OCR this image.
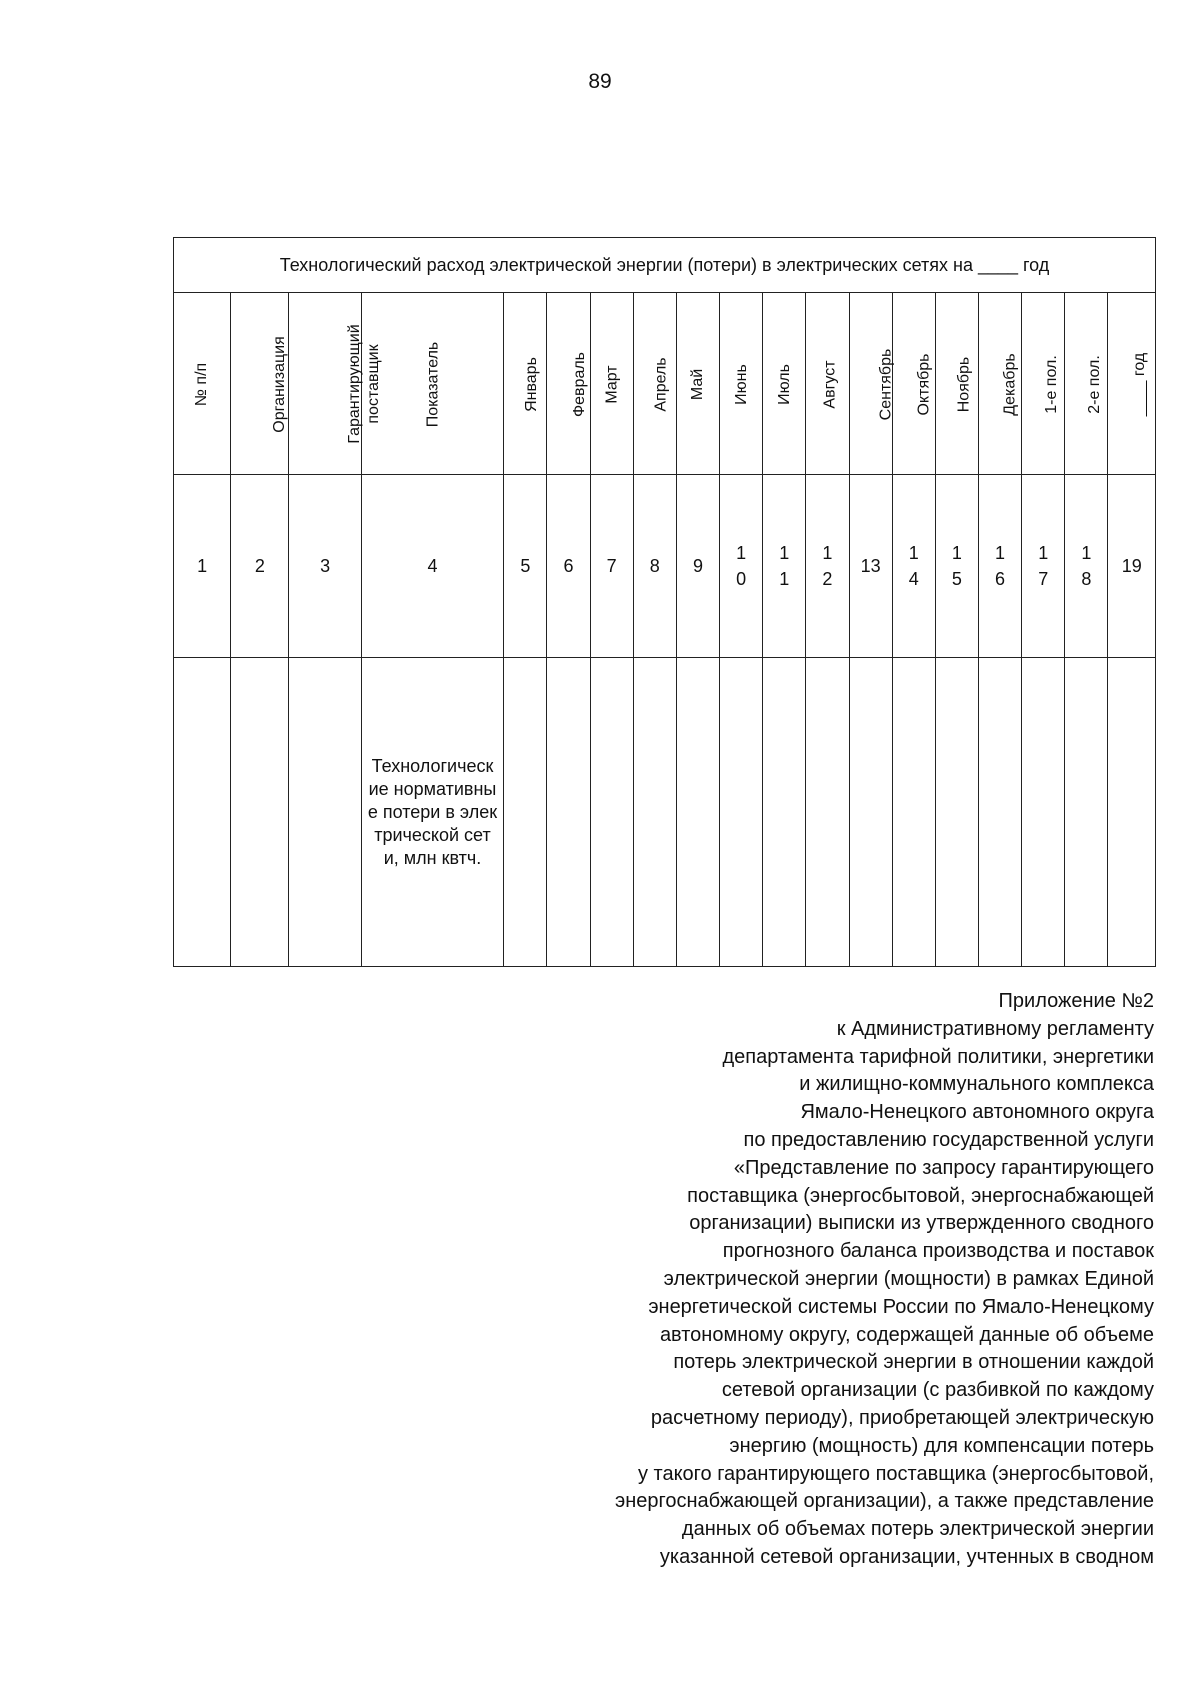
89
Технологический расход электрической энергии (потери) в электрических сетях на ____ год																		
№ п/п	Организация	Гарантирующий поставщик	Показатель	Январь	Февраль	Март	Апрель	Май	Июнь	Июль	Август	Сентябрь	Октябрь	Ноябрь	Декабрь	1-е пол.	2-е пол.	____ год
1	2	3	4	5	6	7	8	9	10	11	12	13	14	15	16	17	18	19
			Технологические нормативные потери в электрической сети, млн квтч.															
Приложение №2
к Административному регламенту
департамента тарифной политики, энергетики
и жилищно-коммунального комплекса
Ямало-Ненецкого автономного округа
по предоставлению государственной услуги
«Представление по запросу гарантирующего
поставщика (энергосбытовой, энергоснабжающей
организации) выписки из утвержденного сводного
прогнозного баланса производства и поставок
электрической энергии (мощности) в рамках Единой
энергетической системы России по Ямало-Ненецкому
автономному округу, содержащей данные об объеме
потерь электрической энергии в отношении каждой
сетевой организации (с разбивкой по каждому
расчетному периоду), приобретающей электрическую
энергию (мощность) для компенсации потерь
у такого гарантирующего поставщика (энергосбытовой,
энергоснабжающей организации), а также представление
данных об объемах потерь электрической энергии
указанной сетевой организации, учтенных в сводном
